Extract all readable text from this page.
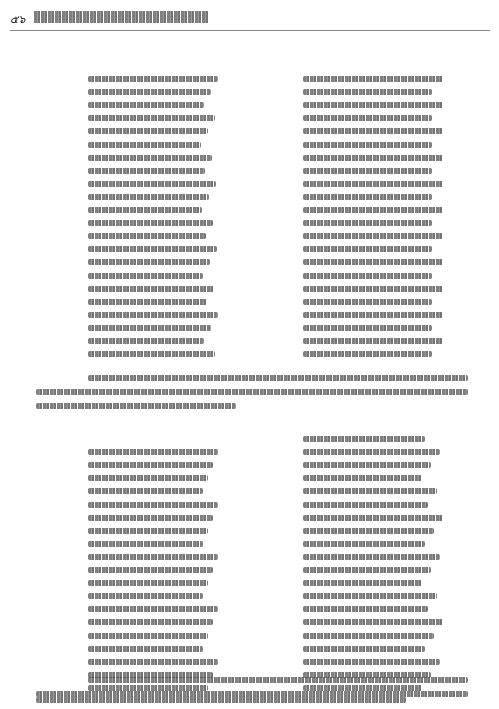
๕๖
